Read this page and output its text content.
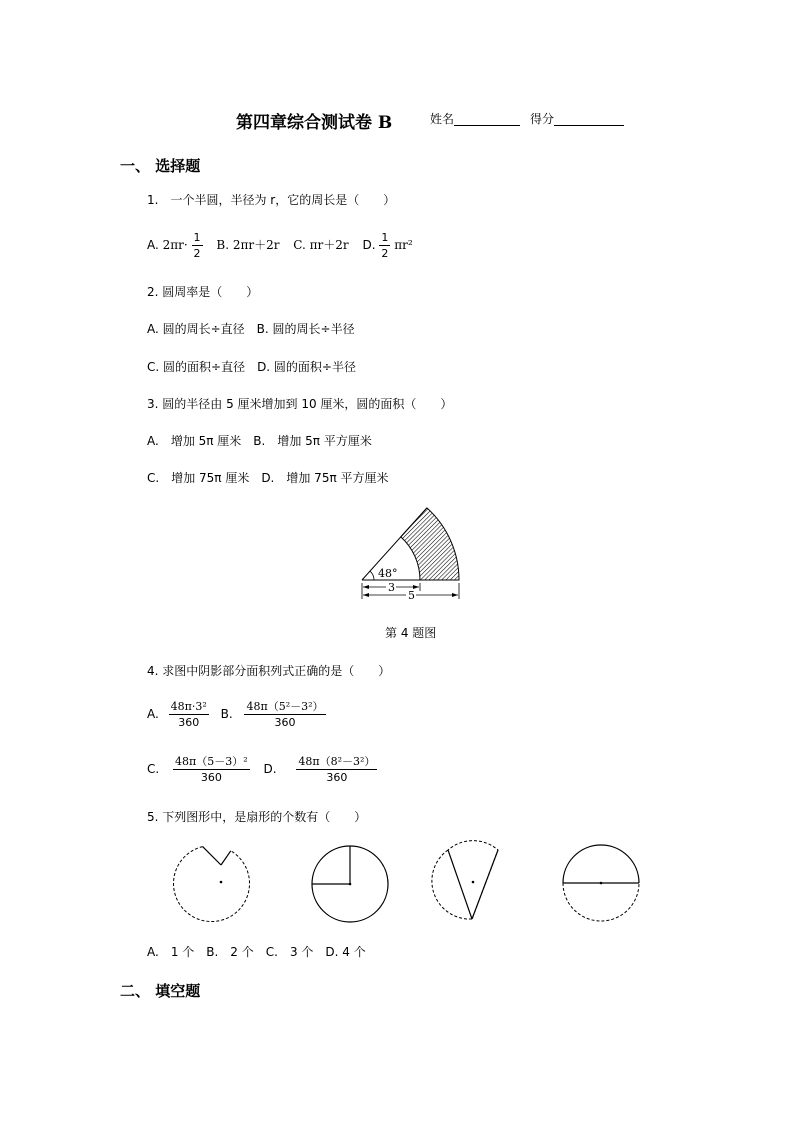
第四章综合测试卷 B	姓名	得分
一、 选择题
1.　一个半圆，半径为 r，它的周长是（　　）
A. $2\pi r\cdot \frac{1}{2} B$. 2πr＋2r C. πr＋2r D. $\frac{1}{2} \pi r^2$
2. 圆周率是（　　）
A. 圆的周长÷直径　B. 圆的周长÷半径
C. 圆的面积÷直径　D. 圆的面积÷半径
3. 圆的半径由 5 厘米增加到 10 厘米，圆的面积（　　）
A.　增加 5π 厘米　B.　增加 5π 平方厘米
C.　增加 75π 厘米　D.　增加 75π 平方厘米
48°
3
5
第 4 题图
4. 求图中阴影部分面积列式正确的是（　　）
A. $\frac{\text{48π·3²}}{360} B$. $\frac{\text{48π（5²－3²）}}{360}$
C. $\frac{\text{48π（5－3）²}}{360} D$. $\frac{\text{48π（8²－3²）}}{360}$
5. 下列图形中，是扇形的个数有（　　）
A.　1 个　B.　2 个　C.　3 个　D. 4 个
二、 填空题
